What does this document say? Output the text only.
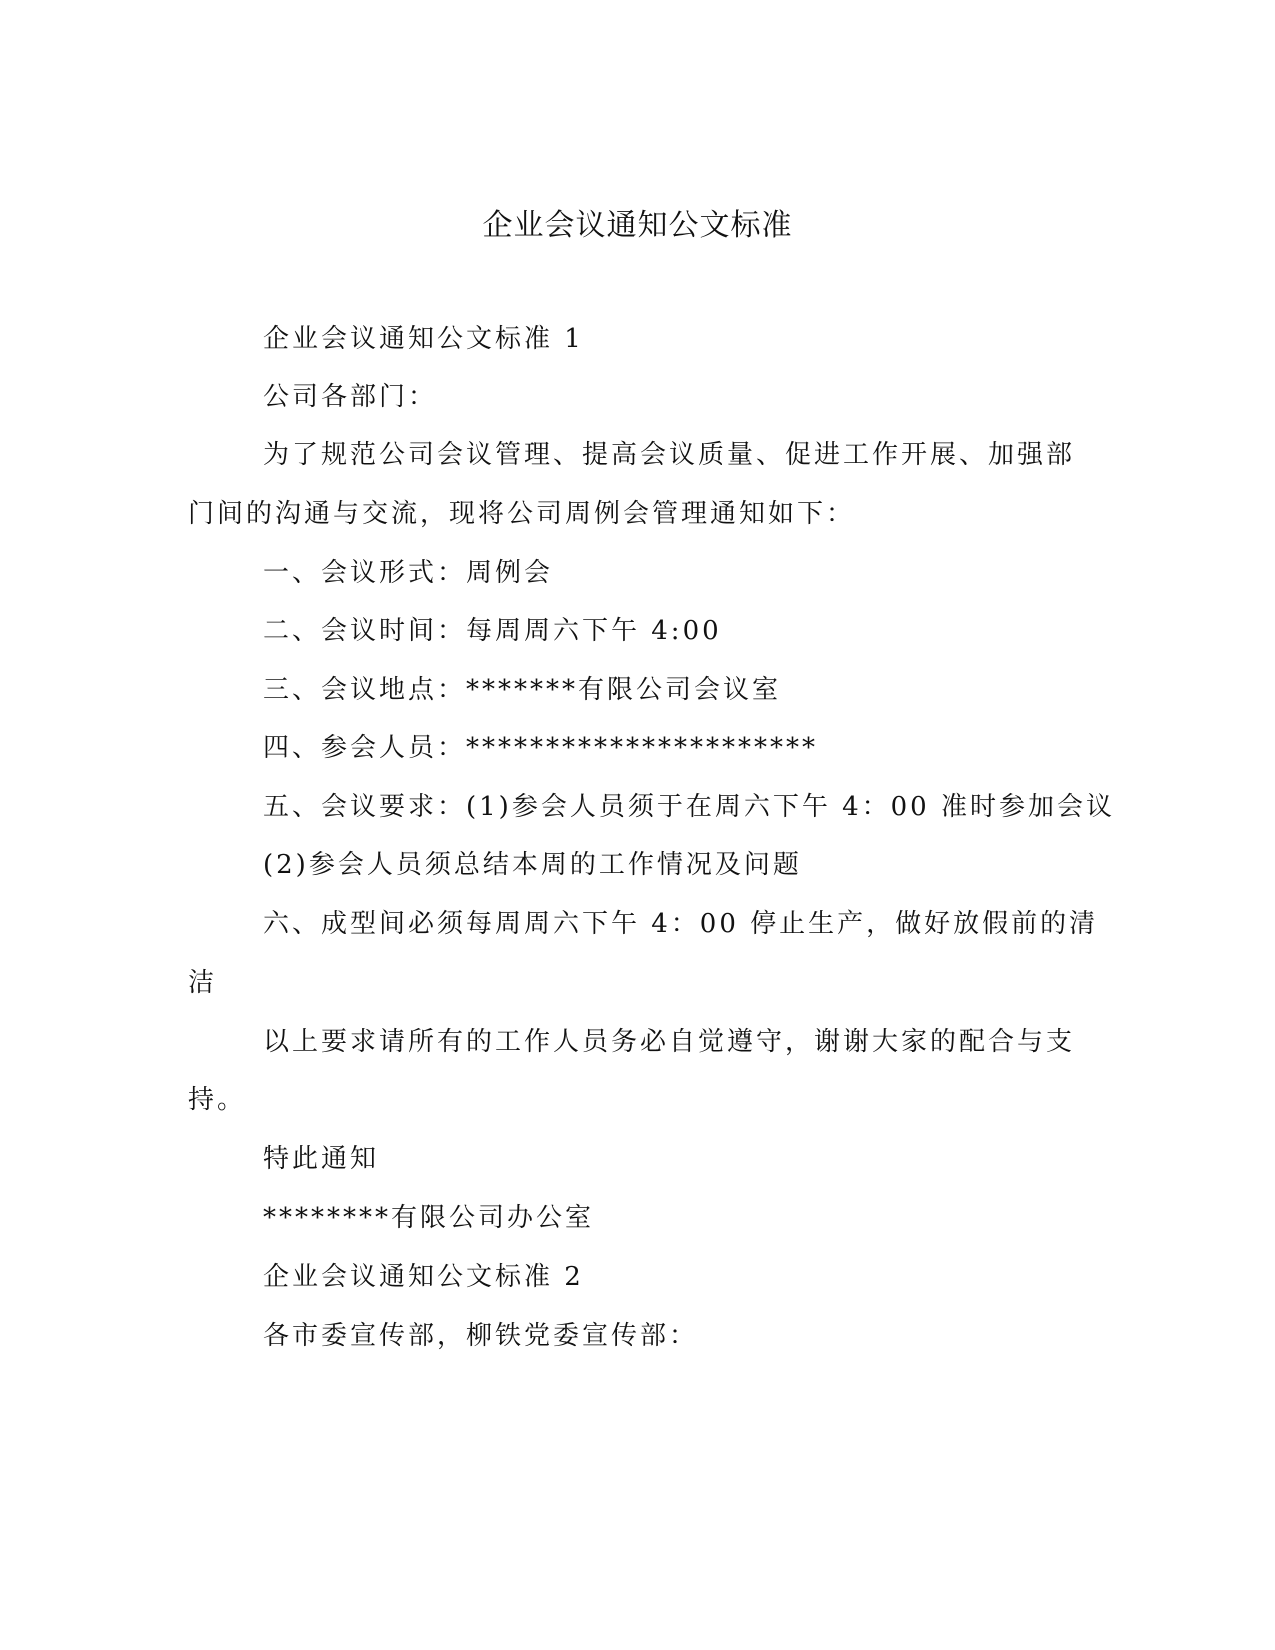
企业会议通知公文标准
企业会议通知公文标准 1
公司各部门：
为了规范公司会议管理、提高会议质量、促进工作开展、加强部
门间的沟通与交流，现将公司周例会管理通知如下：
一、会议形式：周例会
二、会议时间：每周周六下午 4:00
三、会议地点：*******有限公司会议室
四、参会人员：**********************
五、会议要求：(1)参会人员须于在周六下午 4：00 准时参加会议
(2)参会人员须总结本周的工作情况及问题
六、成型间必须每周周六下午 4：00 停止生产，做好放假前的清
洁
以上要求请所有的工作人员务必自觉遵守，谢谢大家的配合与支
持。
特此通知
********有限公司办公室
企业会议通知公文标准 2
各市委宣传部，柳铁党委宣传部：
